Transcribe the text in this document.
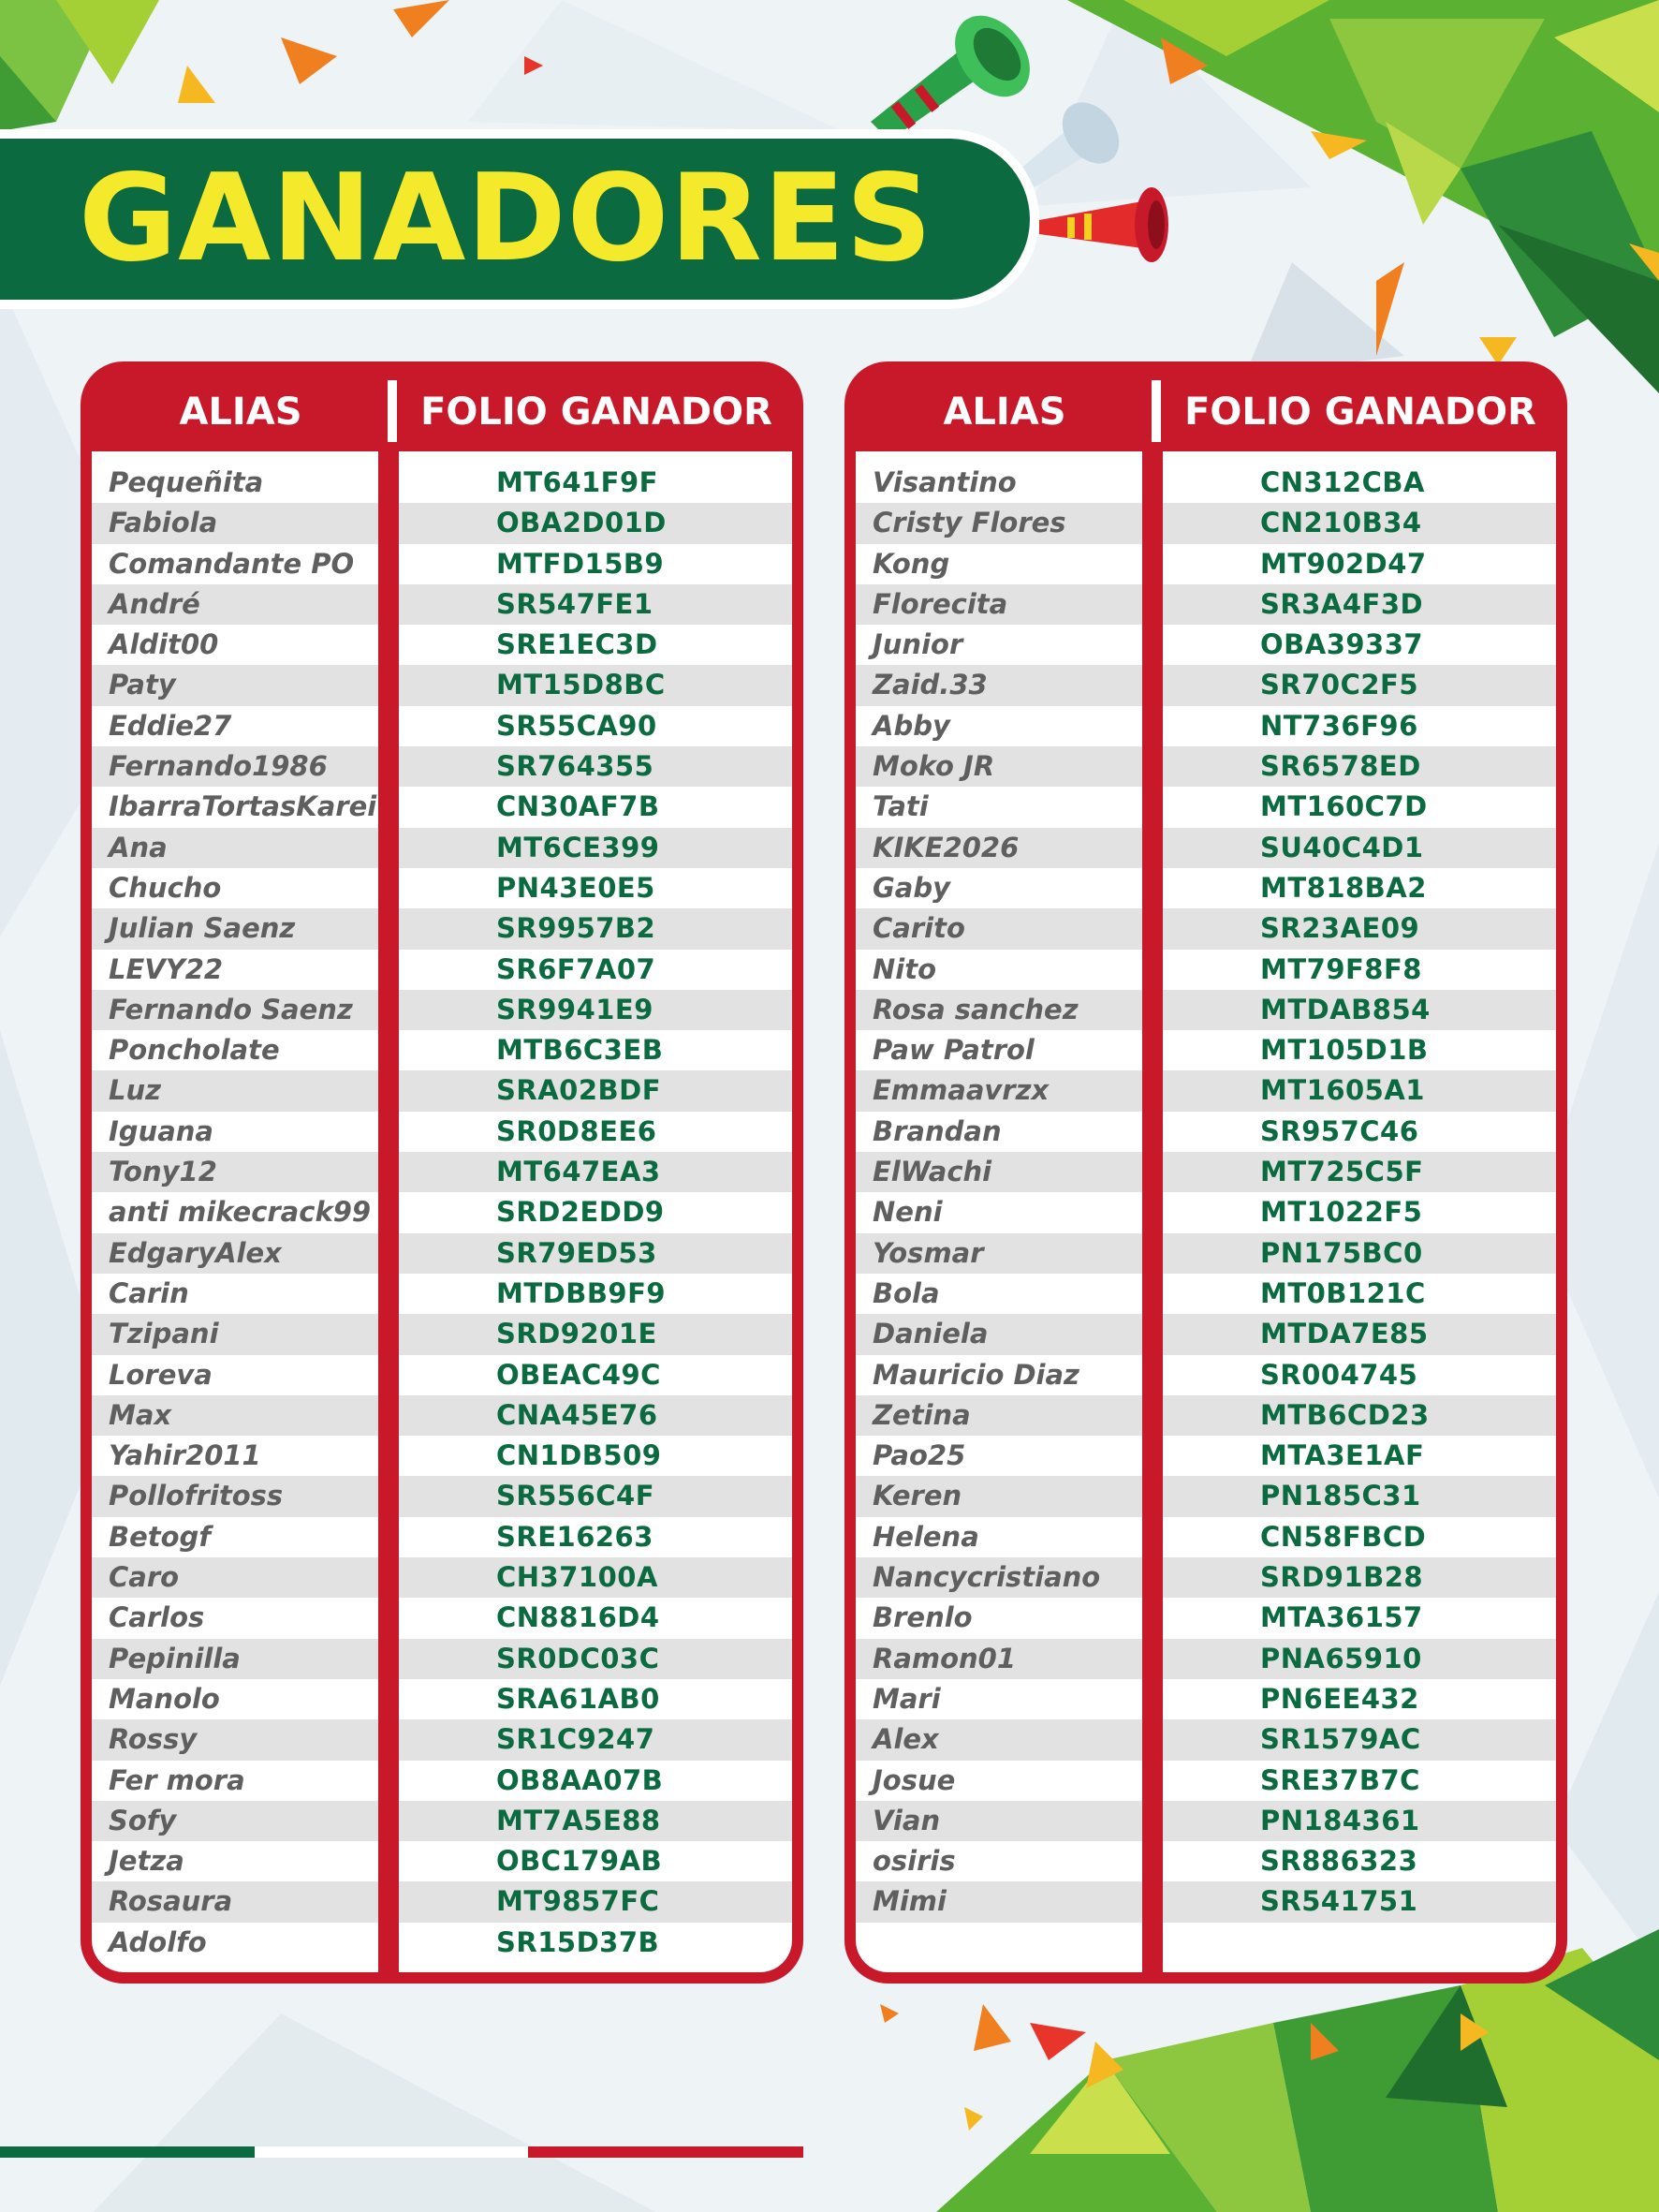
GANADORES
ALIAS	FOLIO GANADOR
Pequeñita
Fabiola
Comandante PO
André
Aldit00
Paty
Eddie27
Fernando1986
IbarraTortasKarei
Ana
Chucho
Julian Saenz
LEVY22
Fernando Saenz
Poncholate
Luz
Iguana
Tony12
anti mikecrack99
EdgaryAlex
Carin
Tzipani
Loreva
Max
Yahir2011
Pollofritoss
Betogf
Caro
Carlos
Pepinilla
Manolo
Rossy
Fer mora
Sofy
Jetza
Rosaura
Adolfo
MT641F9F
OBA2D01D
MTFD15B9
SR547FE1
SRE1EC3D
MT15D8BC
SR55CA90
SR764355
CN30AF7B
MT6CE399
PN43E0E5
SR9957B2
SR6F7A07
SR9941E9
MTB6C3EB
SRA02BDF
SR0D8EE6
MT647EA3
SRD2EDD9
SR79ED53
MTDBB9F9
SRD9201E
OBEAC49C
CNA45E76
CN1DB509
SR556C4F
SRE16263
CH37100A
CN8816D4
SR0DC03C
SRA61AB0
SR1C9247
OB8AA07B
MT7A5E88
OBC179AB
MT9857FC
SR15D37B
ALIAS	FOLIO GANADOR
Visantino
Cristy Flores
Kong
Florecita
Junior
Zaid.33
Abby
Moko JR
Tati
KIKE2026
Gaby
Carito
Nito
Rosa sanchez
Paw Patrol
Emmaavrzx
Brandan
ElWachi
Neni
Yosmar
Bola
Daniela
Mauricio Diaz
Zetina
Pao25
Keren
Helena
Nancycristiano
Brenlo
Ramon01
Mari
Alex
Josue
Vian
osiris
Mimi
CN312CBA
CN210B34
MT902D47
SR3A4F3D
OBA39337
SR70C2F5
NT736F96
SR6578ED
MT160C7D
SU40C4D1
MT818BA2
SR23AE09
MT79F8F8
MTDAB854
MT105D1B
MT1605A1
SR957C46
MT725C5F
MT1022F5
PN175BC0
MT0B121C
MTDA7E85
SR004745
MTB6CD23
MTA3E1AF
PN185C31
CN58FBCD
SRD91B28
MTA36157
PNA65910
PN6EE432
SR1579AC
SRE37B7C
PN184361
SR886323
SR541751
